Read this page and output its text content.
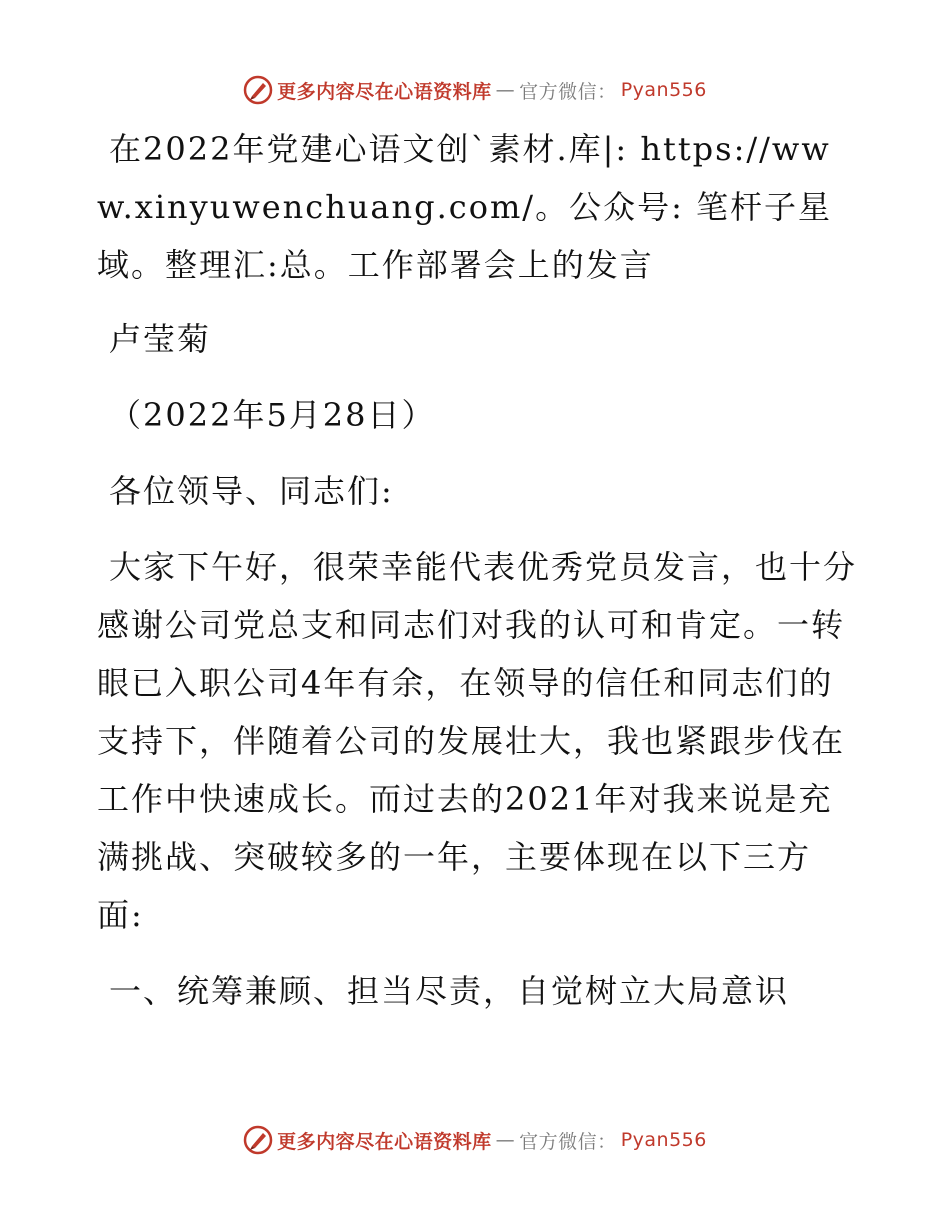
更多内容尽在心语资料库 — 官方微信： Pyan556

在2022年党建心语文创`素材.库|: https://www.xinyuwenchuang.com/。公众号: 笔杆子星域。整理汇:总。工作部署会上的发言

卢莹菊

（2022年5月28日）

各位领导、同志们:

大家下午好，很荣幸能代表优秀党员发言，也十分感谢公司党总支和同志们对我的认可和肯定。一转眼已入职公司4年有余，在领导的信任和同志们的支持下，伴随着公司的发展壮大，我也紧跟步伐在工作中快速成长。而过去的2021年对我来说是充满挑战、突破较多的一年，主要体现在以下三方面:

一、统筹兼顾、担当尽责，自觉树立大局意识

更多内容尽在心语资料库 — 官方微信： Pyan556
